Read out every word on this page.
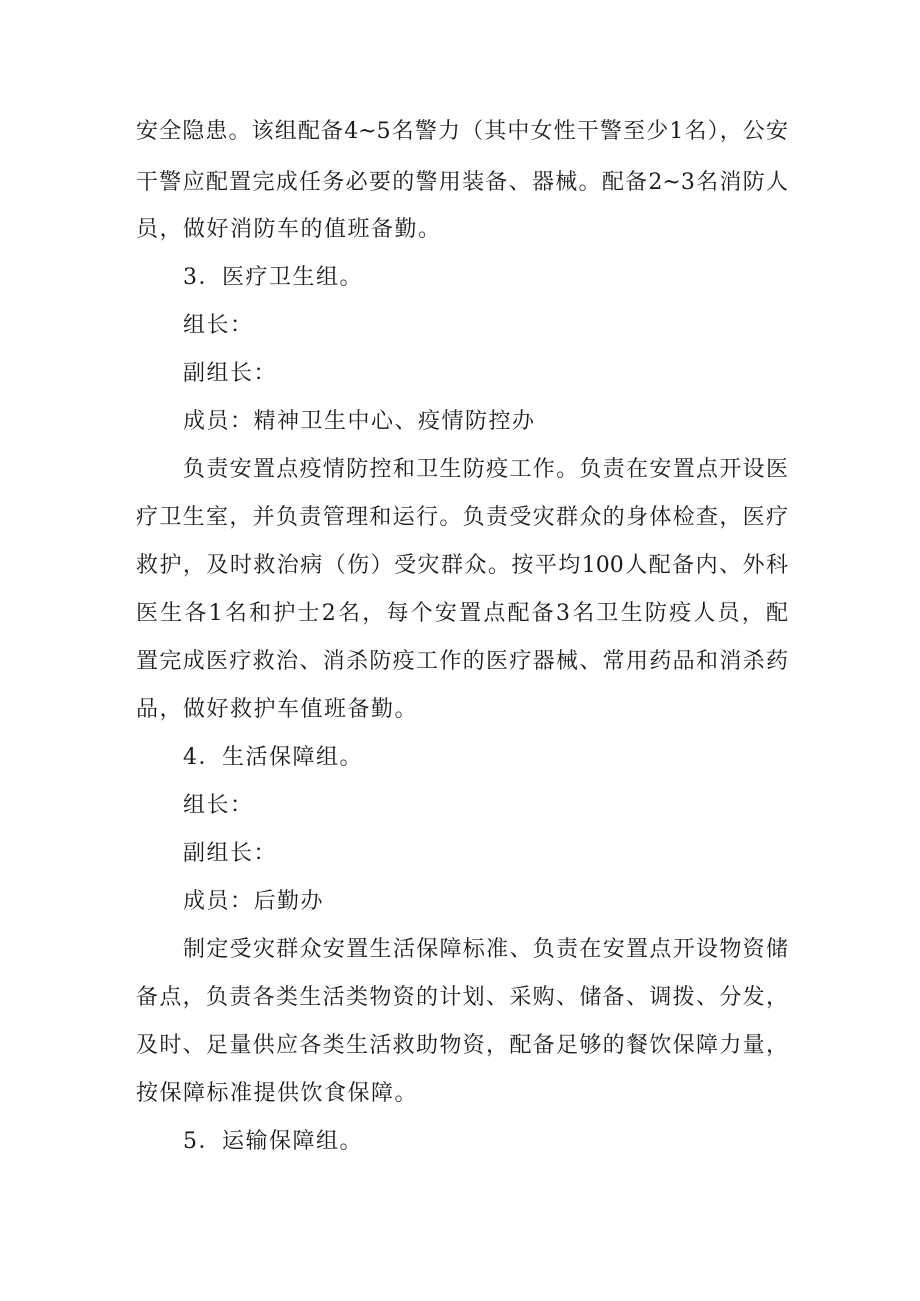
安全隐患。该组配备4~5名警力（其中女性干警至少1名），公安

干警应配置完成任务必要的警用装备、器械。配备2~3名消防人

员，做好消防车的值班备勤。

3．医疗卫生组。

组长：

副组长：

成员：精神卫生中心、疫情防控办

负责安置点疫情防控和卫生防疫工作。负责在安置点开设医

疗卫生室，并负责管理和运行。负责受灾群众的身体检查，医疗

救护，及时救治病（伤）受灾群众。按平均100人配备内、外科

医生各1名和护士2名，每个安置点配备3名卫生防疫人员，配

置完成医疗救治、消杀防疫工作的医疗器械、常用药品和消杀药

品，做好救护车值班备勤。

4．生活保障组。

组长：

副组长：

成员：后勤办

制定受灾群众安置生活保障标准、负责在安置点开设物资储

备点，负责各类生活类物资的计划、采购、储备、调拨、分发，

及时、足量供应各类生活救助物资，配备足够的餐饮保障力量，

按保障标准提供饮食保障。

5．运输保障组。
